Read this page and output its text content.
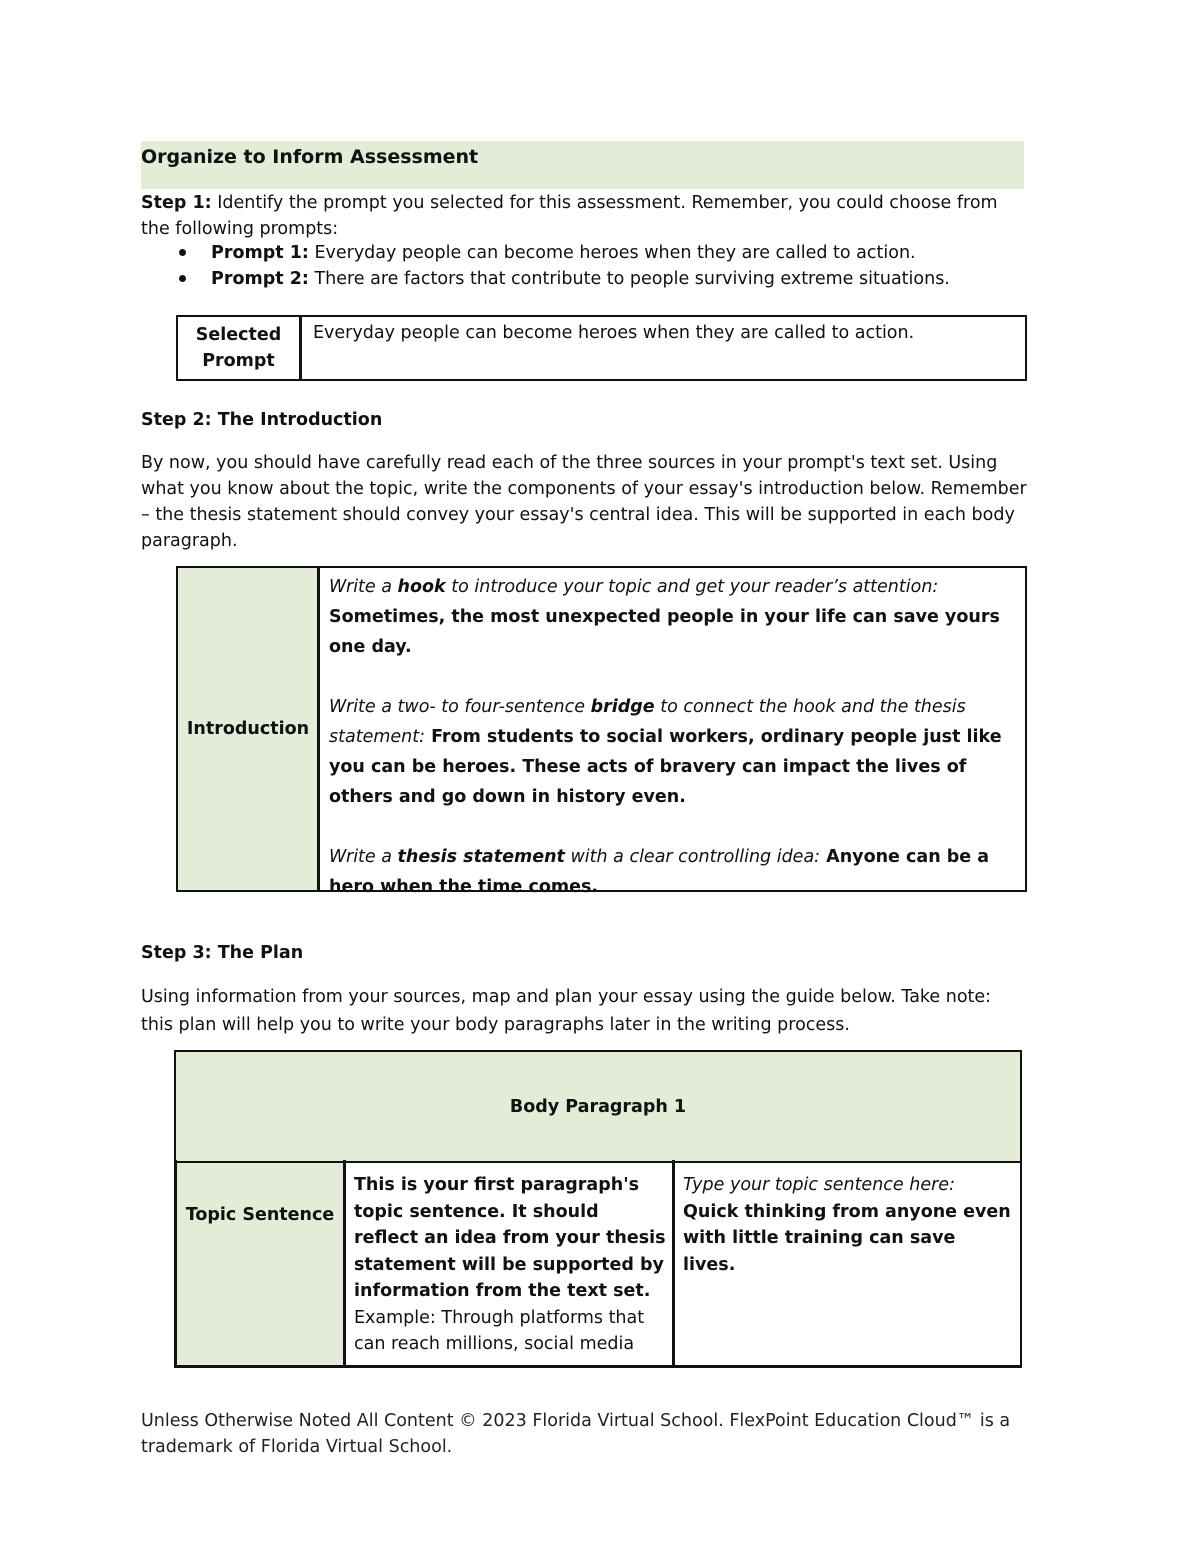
Organize to Inform Assessment
Step 1: Identify the prompt you selected for this assessment. Remember, you could choose from the following prompts:
Prompt 1: Everyday people can become heroes when they are called to action.
Prompt 2: There are factors that contribute to people surviving extreme situations.
Selected
Prompt
Everyday people can become heroes when they are called to action.
Step 2: The Introduction
By now, you should have carefully read each of the three sources in your prompt's text set. Using what you know about the topic, write the components of your essay's introduction below. Remember – the thesis statement should convey your essay's central idea. This will be supported in each body paragraph.
Introduction
Write a hook to introduce your topic and get your reader’s attention:
Sometimes, the most unexpected people in your life can save yours one day.
Write a two- to four-sentence bridge to connect the hook and the thesis statement: From students to social workers, ordinary people just like you can be heroes. These acts of bravery can impact the lives of others and go down in history even.
Write a thesis statement with a clear controlling idea: Anyone can be a hero when the time comes.
Step 3: The Plan
Using information from your sources, map and plan your essay using the guide below. Take note: this plan will help you to write your body paragraphs later in the writing process.
Body Paragraph 1
Topic Sentence
This is your first paragraph's topic sentence. It should reflect an idea from your thesis statement will be supported by information from the text set.
Example: Through platforms that can reach millions, social media
Type your topic sentence here: Quick thinking from anyone even with little training can save lives.
Unless Otherwise Noted All Content © 2023 Florida Virtual School. FlexPoint Education Cloud™ is a trademark of Florida Virtual School.
